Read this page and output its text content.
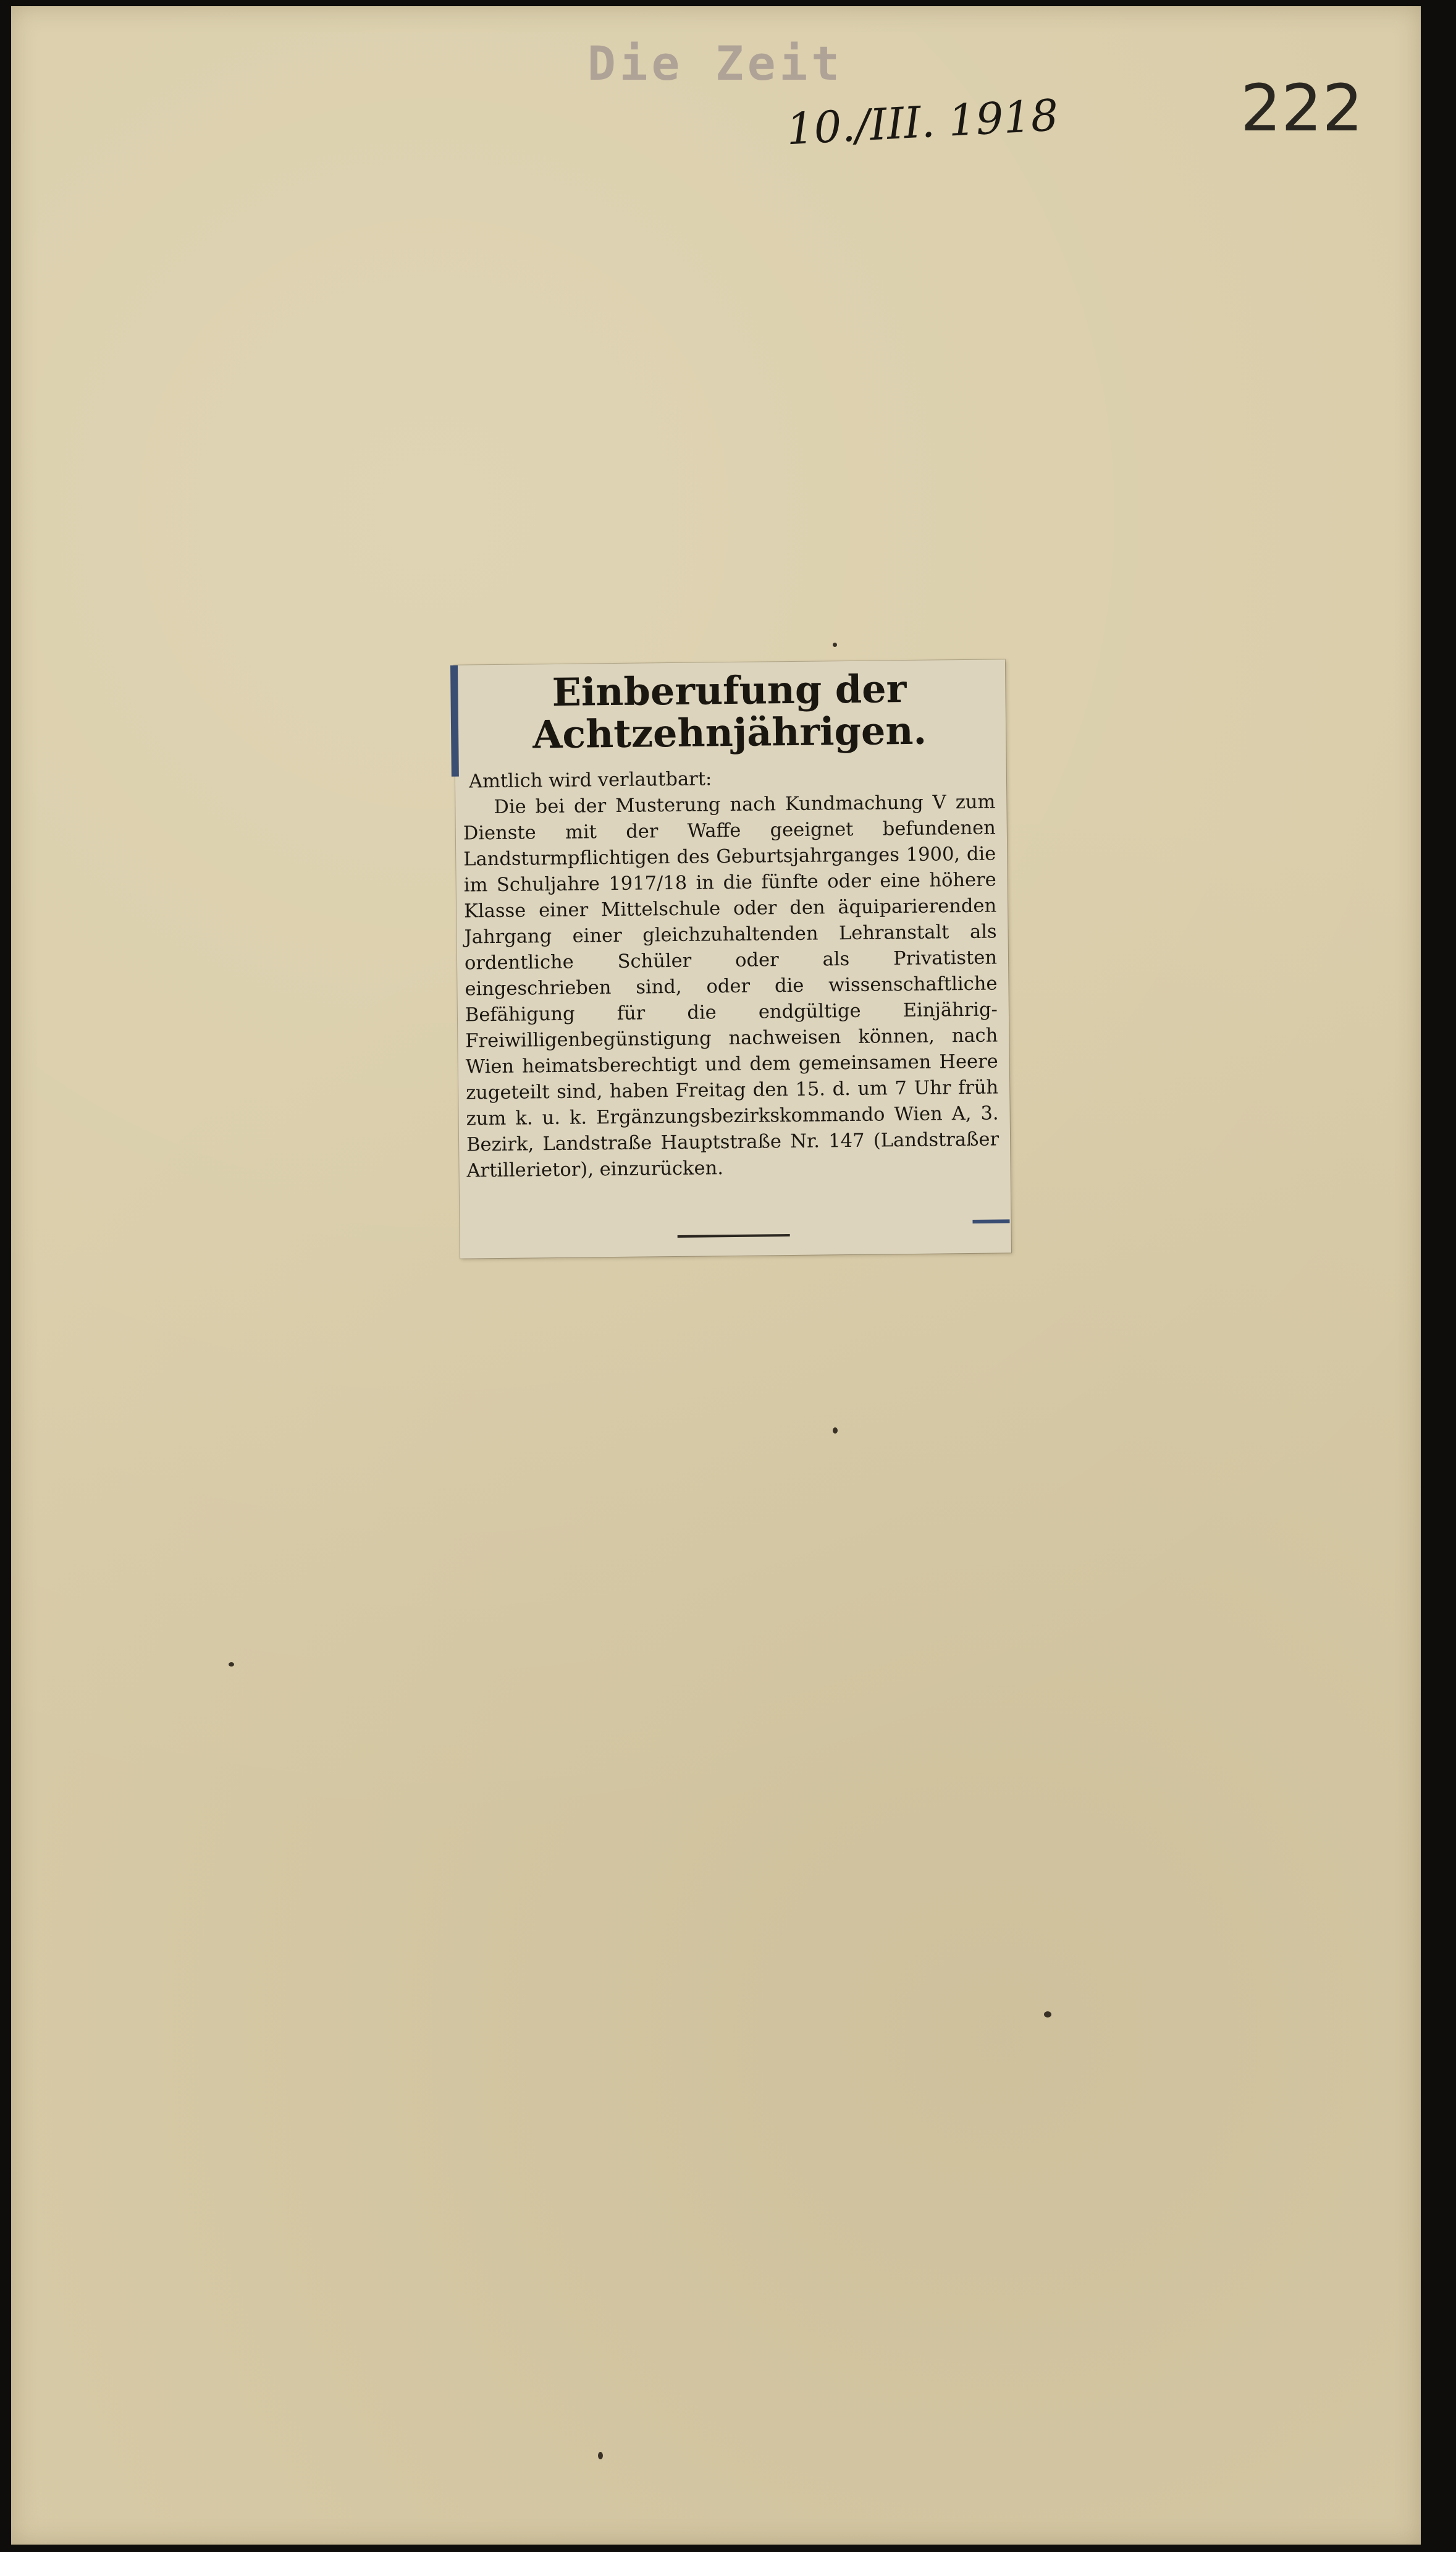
Die Zeit
10./III. 1918	222
Einberufung der Achtzehnjährigen.

Amtlich wird verlautbart:

Die bei der Musterung nach Kundmachung V zum Dienste mit der Waffe geeignet befundenen Landsturmpflichtigen des Geburtsjahrganges 1900, die im Schuljahre 1917/18 in die fünfte oder eine höhere Klasse einer Mittelschule oder den äquiparierenden Jahrgang einer gleichzuhaltenden Lehranstalt als ordentliche Schüler oder als Privatisten eingeschrieben sind, oder die wissenschaftliche Befähigung für die endgültige Einjährig-Freiwilligenbegünstigung nachweisen können, nach Wien heimatsberechtigt und dem gemeinsamen Heere zugeteilt sind, haben Freitag den 15. d. um 7 Uhr früh zum k. u. k. Ergänzungsbezirkskommando Wien A, 3. Bezirk, Landstraße Hauptstraße Nr. 147 (Landstraßer Artillerietor), einzurücken.
